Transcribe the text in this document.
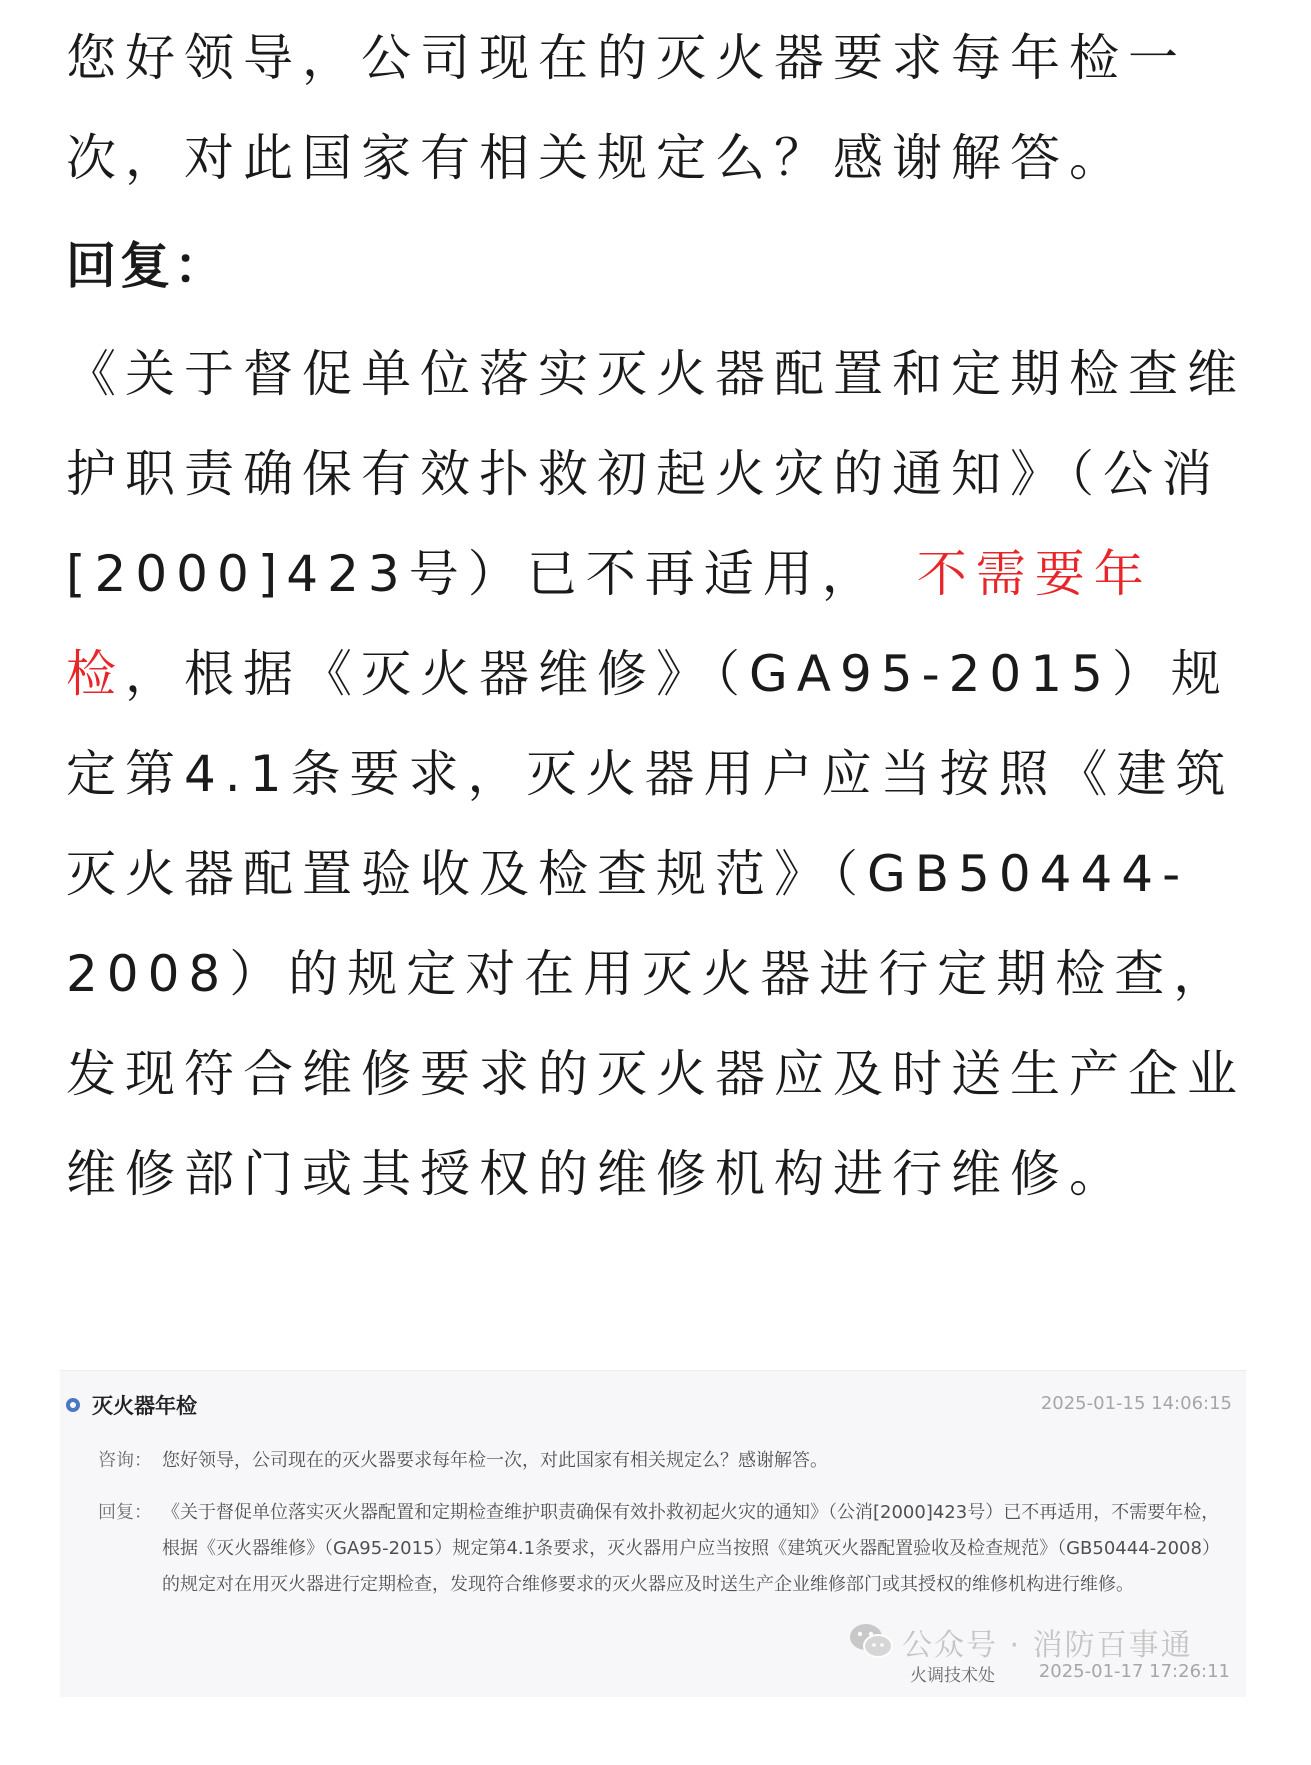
您好领导，公司现在的灭火器要求每年检一次，对此国家有相关规定么？感谢解答。

回复：

《关于督促单位落实灭火器配置和定期检查维护职责确保有效扑救初起火灾的通知》（公消[2000]423号）已不再适用， 不需要年检，根据《灭火器维修》（GA95-2015）规定第4.1条要求，灭火器用户应当按照《建筑灭火器配置验收及检查规范》（GB50444-2008）的规定对在用灭火器进行定期检查，发现符合维修要求的灭火器应及时送生产企业维修部门或其授权的维修机构进行维修。

灭火器年检	2025-01-15 14:06:15
咨询： 您好领导，公司现在的灭火器要求每年检一次，对此国家有相关规定么？感谢解答。
回复： 《关于督促单位落实灭火器配置和定期检查维护职责确保有效扑救初起火灾的通知》（公消[2000]423号）已不再适用，不需要年检，根据《灭火器维修》（GA95-2015）规定第4.1条要求，灭火器用户应当按照《建筑灭火器配置验收及检查规范》（GB50444-2008）的规定对在用灭火器进行定期检查，发现符合维修要求的灭火器应及时送生产企业维修部门或其授权的维修机构进行维修。
火调技术处 2025-01-17 17:26:11
公众号 · 消防百事通
